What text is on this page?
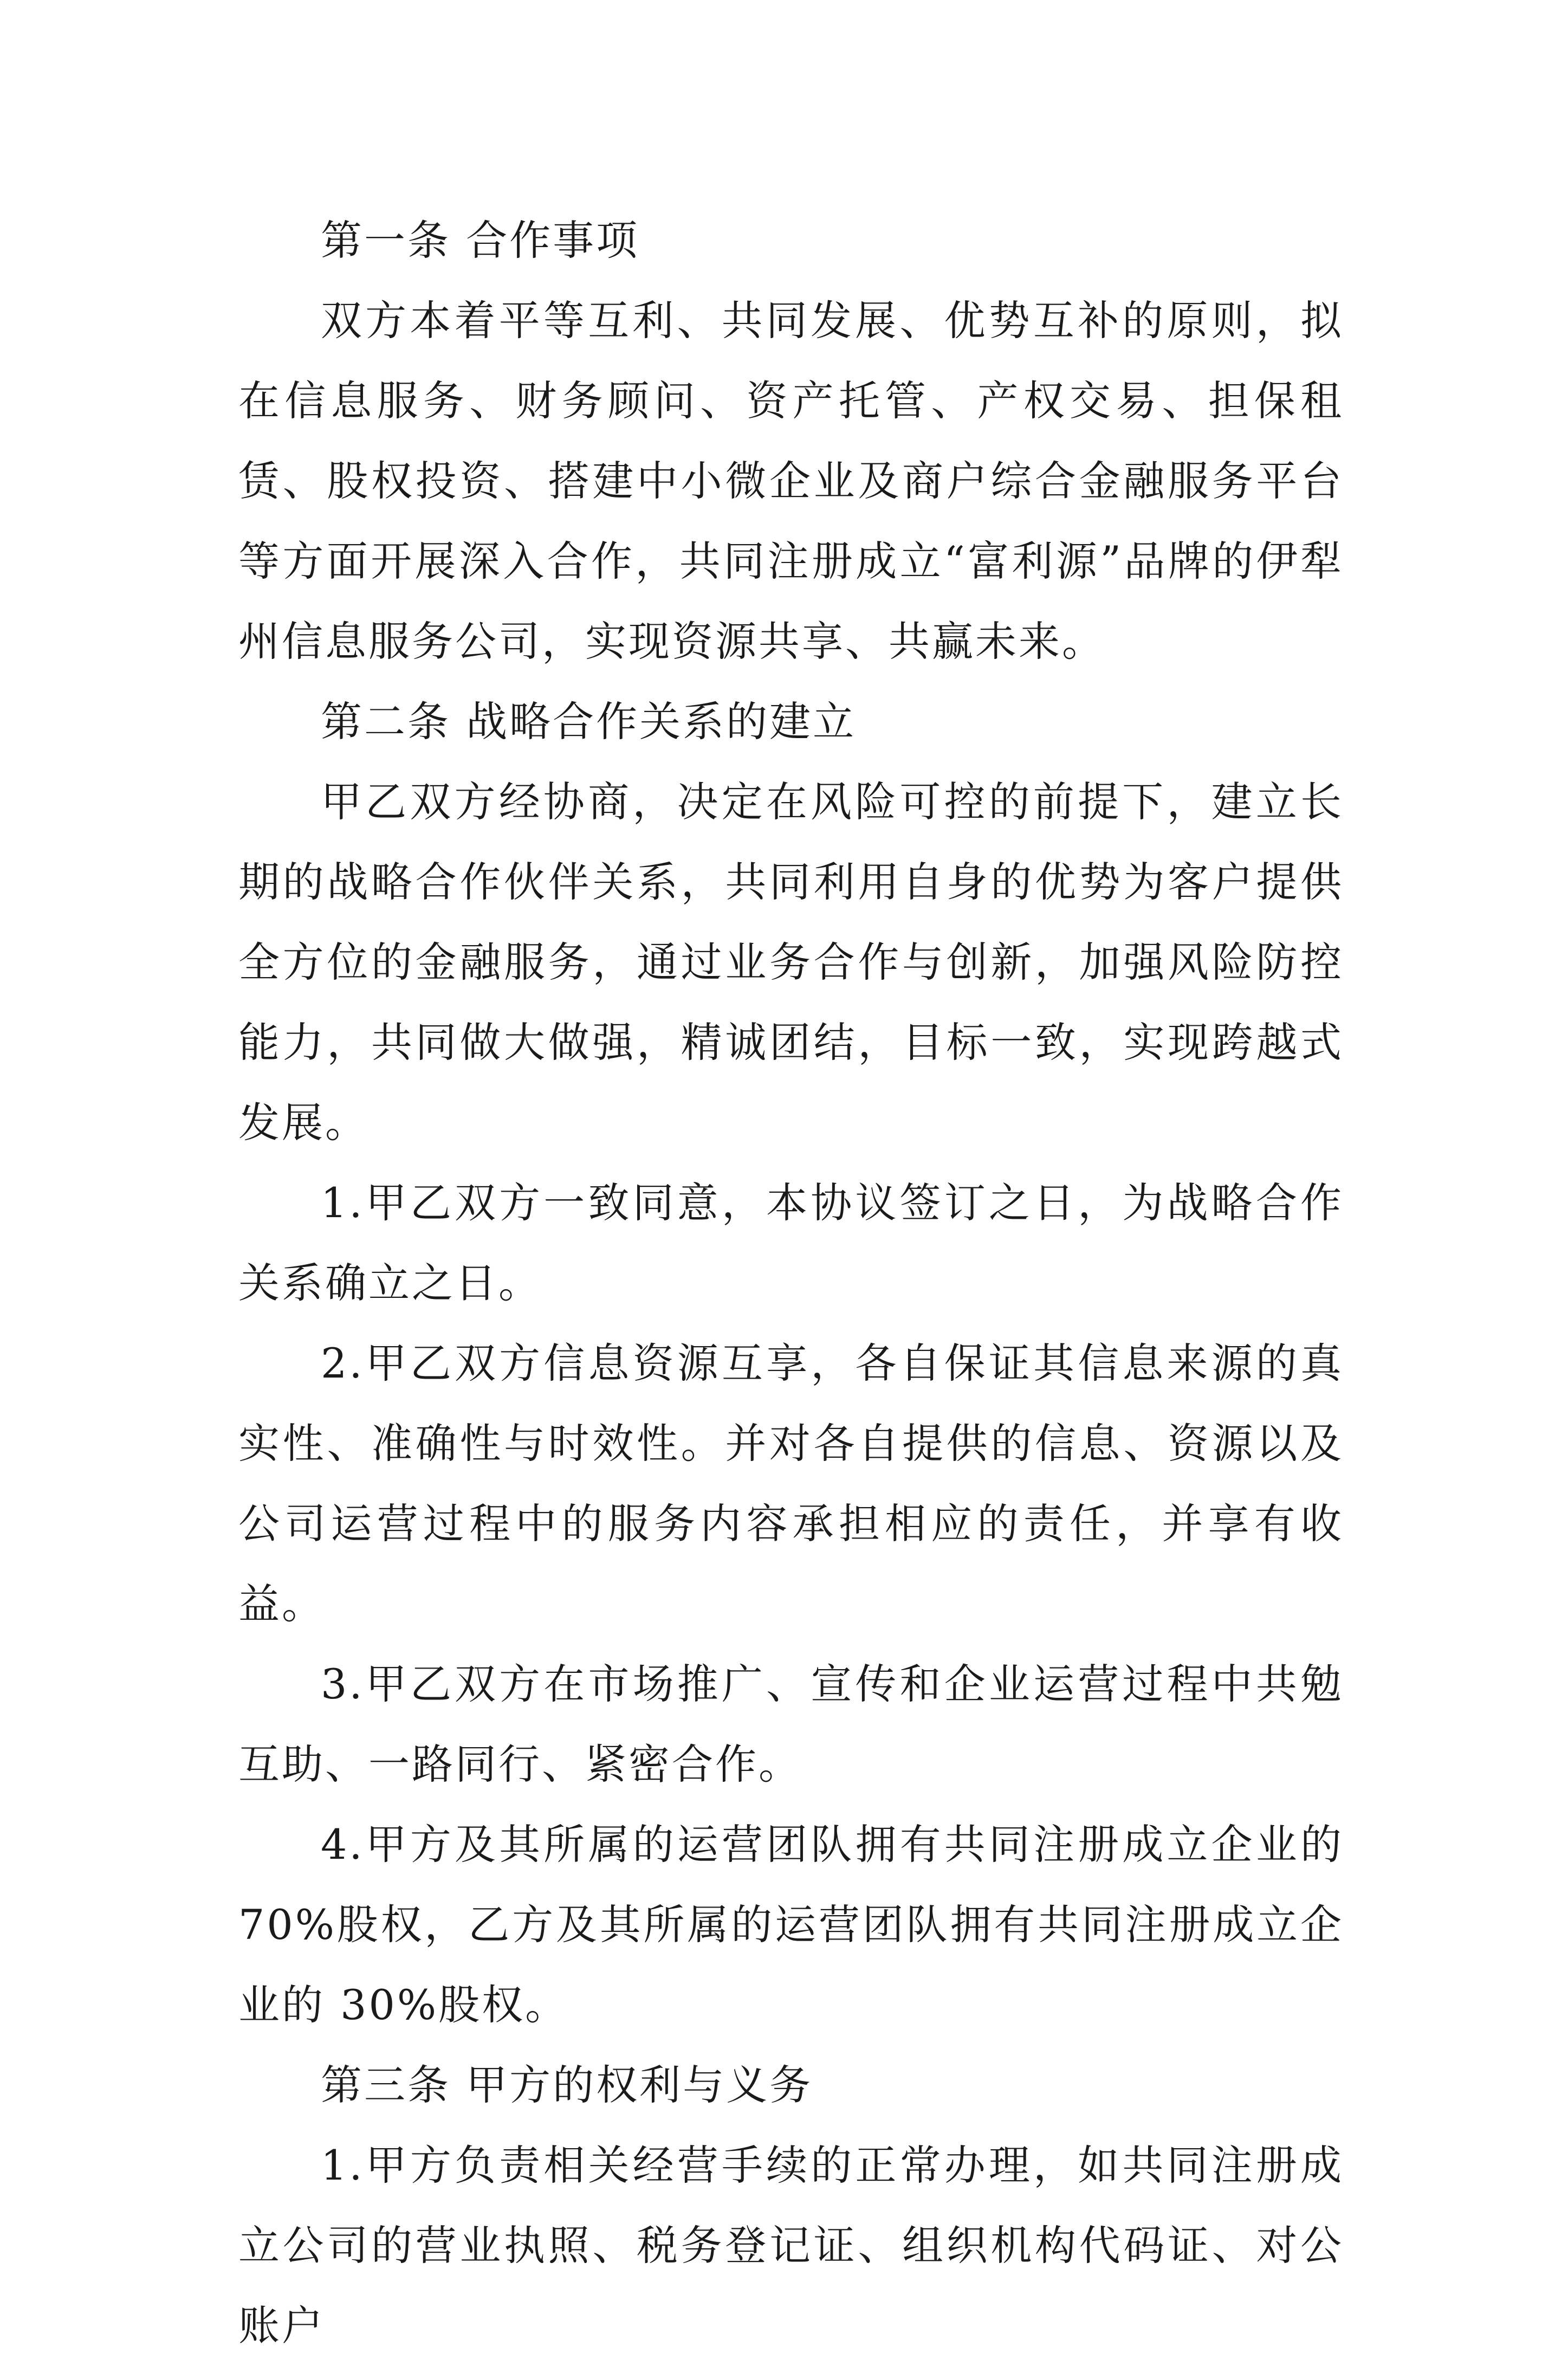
第一条 合作事项

双方本着平等互利、共同发展、优势互补的原则，拟在信息服务、财务顾问、资产托管、产权交易、担保租赁、股权投资、搭建中小微企业及商户综合金融服务平台等方面开展深入合作，共同注册成立“富利源”品牌的伊犁州信息服务公司，实现资源共享、共赢未来。

第二条 战略合作关系的建立

甲乙双方经协商，决定在风险可控的前提下，建立长期的战略合作伙伴关系，共同利用自身的优势为客户提供全方位的金融服务，通过业务合作与创新，加强风险防控能力，共同做大做强，精诚团结，目标一致，实现跨越式发展。

1.甲乙双方一致同意，本协议签订之日，为战略合作关系确立之日。

2.甲乙双方信息资源互享，各自保证其信息来源的真实性、准确性与时效性。并对各自提供的信息、资源以及公司运营过程中的服务内容承担相应的责任，并享有收益。

3.甲乙双方在市场推广、宣传和企业运营过程中共勉互助、一路同行、紧密合作。

4.甲方及其所属的运营团队拥有共同注册成立企业的70%股权，乙方及其所属的运营团队拥有共同注册成立企业的 30%股权。

第三条 甲方的权利与义务

1.甲方负责相关经营手续的正常办理，如共同注册成立公司的营业执照、税务登记证、组织机构代码证、对公账户
